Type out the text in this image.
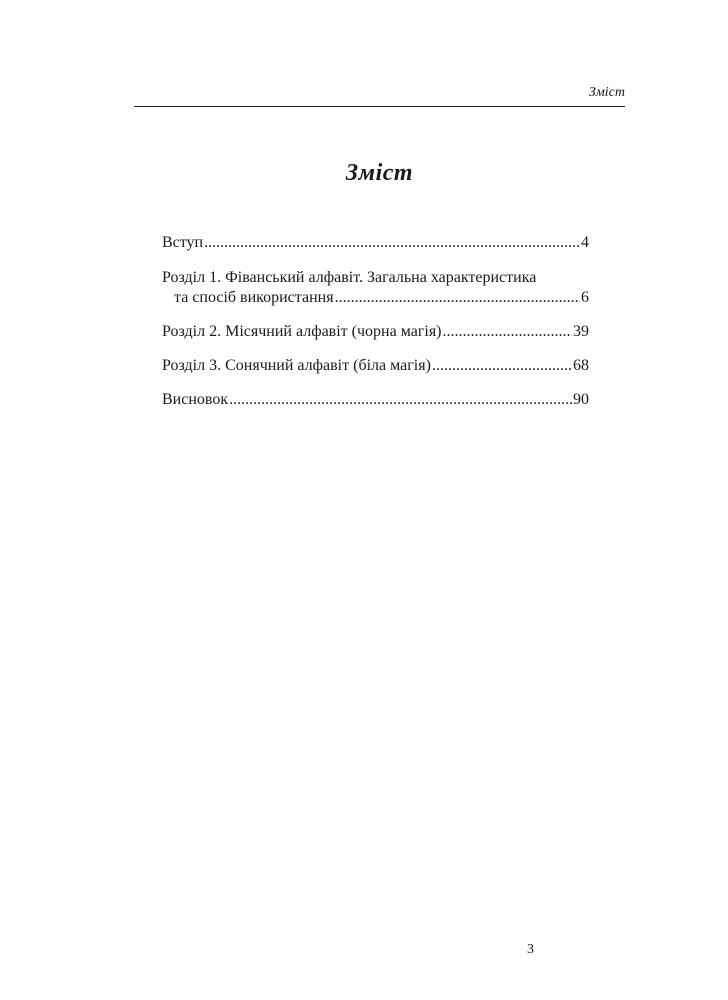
Зміст
Зміст
Вступ .....	4
Розділ 1. Фіванський алфавіт. Загальна характеристика
та спосіб використання .....	6
Розділ 2. Місячний алфавіт (чорна магія) .....	39
Розділ 3. Сонячний алфавіт (біла магія) .....	68
Висновок .....	90
3
